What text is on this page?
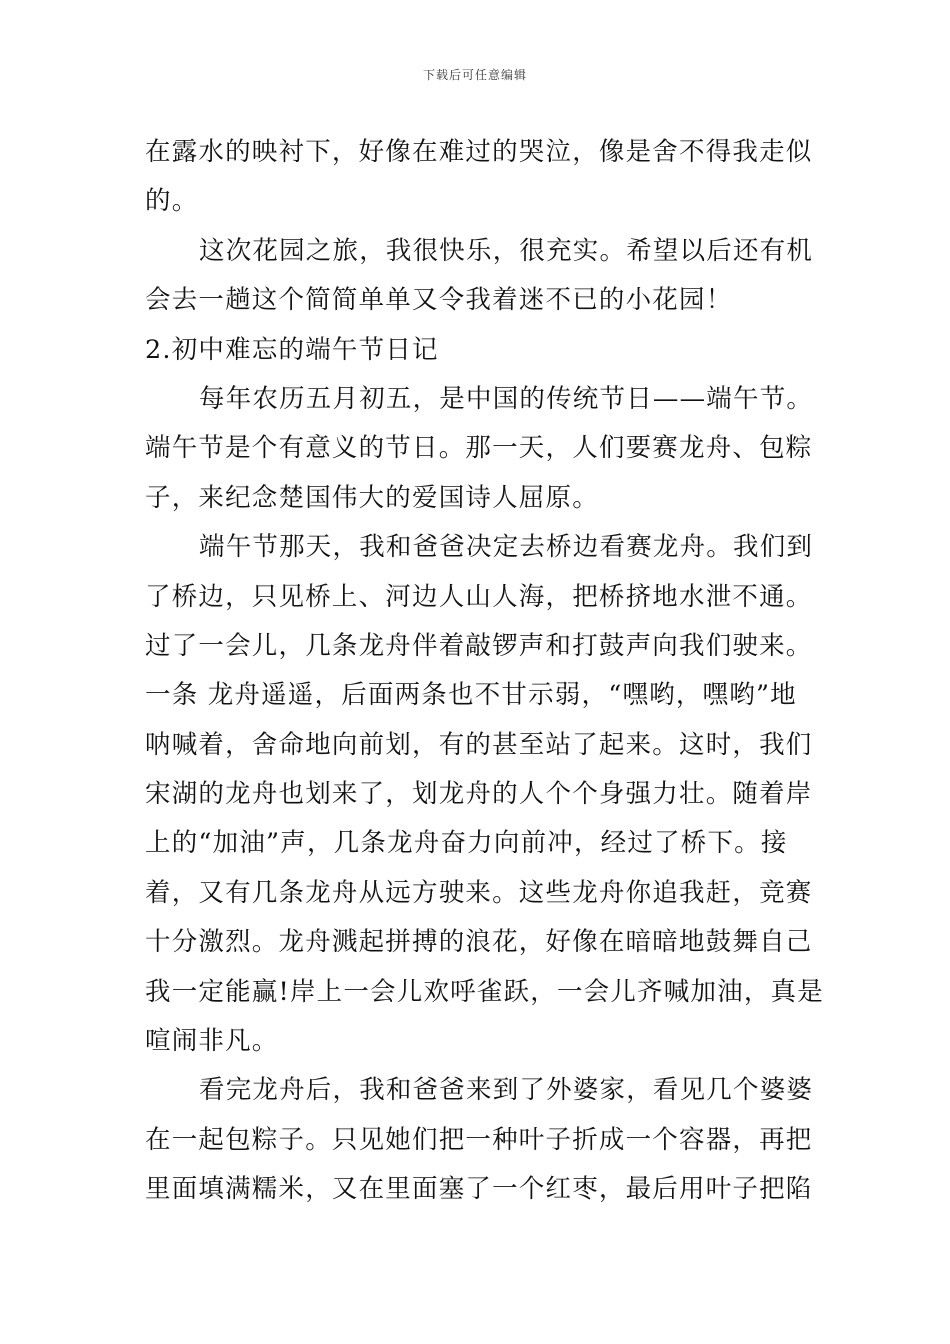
下载后可任意编辑
在露水的映衬下，好像在难过的哭泣，像是舍不得我走似
的。
这次花园之旅，我很快乐，很充实。希望以后还有机
会去一趟这个简简单单又令我着迷不已的小花园！
2.初中难忘的端午节日记
每年农历五月初五，是中国的传统节日——端午节。
端午节是个有意义的节日。那一天，人们要赛龙舟、包粽
子，来纪念楚国伟大的爱国诗人屈原。
端午节那天，我和爸爸决定去桥边看赛龙舟。我们到
了桥边，只见桥上、河边人山人海，把桥挤地水泄不通。
过了一会儿，几条龙舟伴着敲锣声和打鼓声向我们驶来。
一条 龙舟遥遥，后面两条也不甘示弱，“嘿哟，嘿哟”地
呐喊着，舍命地向前划，有的甚至站了起来。这时，我们
宋湖的龙舟也划来了，划龙舟的人个个身强力壮。随着岸
上的“加油”声，几条龙舟奋力向前冲，经过了桥下。接
着，又有几条龙舟从远方驶来。这些龙舟你追我赶，竞赛
十分激烈。龙舟溅起拼搏的浪花，好像在暗暗地鼓舞自己
我一定能赢!岸上一会儿欢呼雀跃，一会儿齐喊加油，真是
喧闹非凡。
看完龙舟后，我和爸爸来到了外婆家，看见几个婆婆
在一起包粽子。只见她们把一种叶子折成一个容器，再把
里面填满糯米，又在里面塞了一个红枣，最后用叶子把陷
